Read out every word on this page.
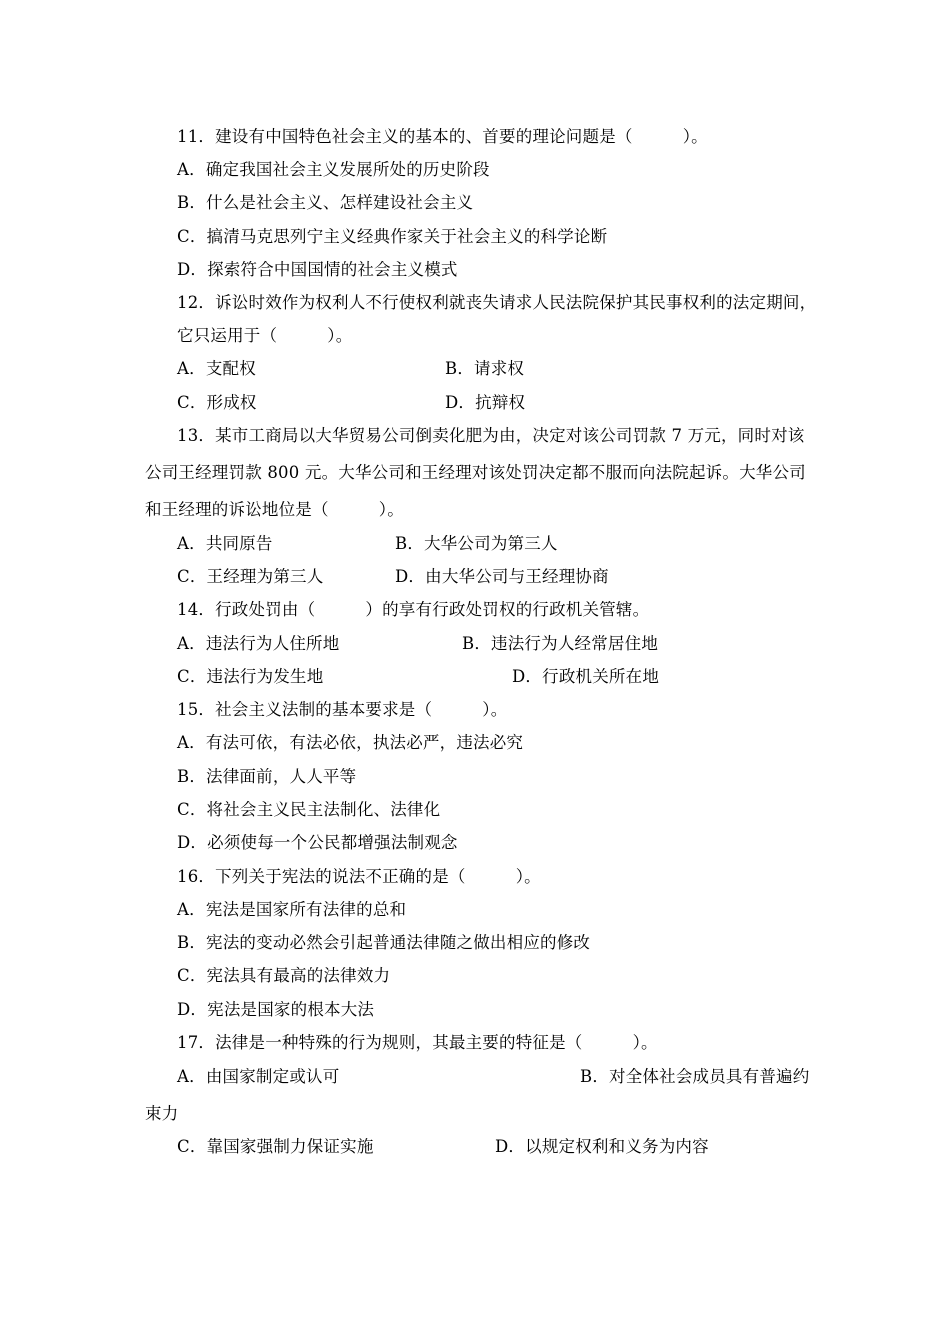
11．建设有中国特色社会主义的基本的、首要的理论问题是（　　　）。
A．确定我国社会主义发展所处的历史阶段
B．什么是社会主义、怎样建设社会主义
C．搞清马克思列宁主义经典作家关于社会主义的科学论断
D．探索符合中国国情的社会主义模式
12．诉讼时效作为权利人不行使权利就丧失请求人民法院保护其民事权利的法定期间，
它只运用于（　　　）。
A．支配权	B．请求权
C．形成权	D．抗辩权
13．某市工商局以大华贸易公司倒卖化肥为由，决定对该公司罚款 7 万元，同时对该
公司王经理罚款 800 元。大华公司和王经理对该处罚决定都不服而向法院起诉。大华公司
和王经理的诉讼地位是（　　　）。
A．共同原告	B．大华公司为第三人
C．王经理为第三人	D．由大华公司与王经理协商
14．行政处罚由（　　　）的享有行政处罚权的行政机关管辖。
A．违法行为人住所地	B．违法行为人经常居住地
C．违法行为发生地	D．行政机关所在地
15．社会主义法制的基本要求是（　　　）。
A．有法可依，有法必依，执法必严，违法必究
B．法律面前，人人平等
C．将社会主义民主法制化、法律化
D．必须使每一个公民都增强法制观念
16．下列关于宪法的说法不正确的是（　　　）。
A．宪法是国家所有法律的总和
B．宪法的变动必然会引起普通法律随之做出相应的修改
C．宪法具有最高的法律效力
D．宪法是国家的根本大法
17．法律是一种特殊的行为规则，其最主要的特征是（　　　）。
A．由国家制定或认可	B．对全体社会成员具有普遍约
束力
C．靠国家强制力保证实施	D．以规定权利和义务为内容
